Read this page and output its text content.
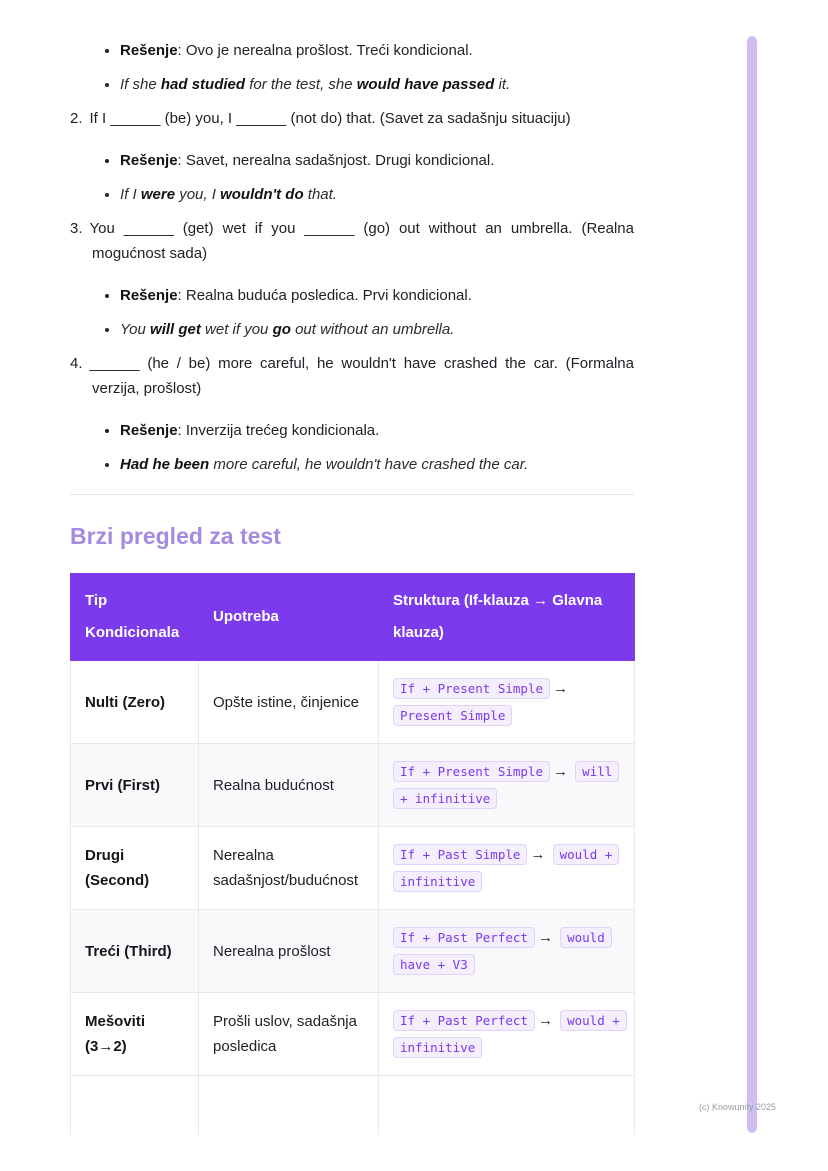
• Rešenje: Ovo je nerealna prošlost. Treći kondicional.
• If she had studied for the test, she would have passed it.

2. If I ______ (be) you, I ______ (not do) that. (Savet za sadašnju situaciju)

• Rešenje: Savet, nerealna sadašnjost. Drugi kondicional.
• If I were you, I wouldn't do that.

3. You ______ (get) wet if you ______ (go) out without an umbrella. (Realna mogućnost sada)

• Rešenje: Realna buduća posledica. Prvi kondicional.
• You will get wet if you go out without an umbrella.

4. ______ (he / be) more careful, he wouldn't have crashed the car. (Formalna verzija, prošlost)

• Rešenje: Inverzija trećeg kondicionala.
• Had he been more careful, he wouldn't have crashed the car.
Brzi pregled za test
Tip Kondicionala	Upotreba	Struktura (If-klauza → Glavna klauza)
Nulti (Zero)	Opšte istine, činjenice	If + Present Simple → Present Simple
Prvi (First)	Realna budućnost	If + Present Simple → will + infinitive
Drugi (Second)	Nerealna sadašnjost/budućnost	If + Past Simple → would + infinitive
Treći (Third)	Nerealna prošlost	If + Past Perfect → would have + V3
Mešoviti (3→2)	Prošli uslov, sadašnja posledica	If + Past Perfect → would + infinitive

(c) Knowunity 2025
